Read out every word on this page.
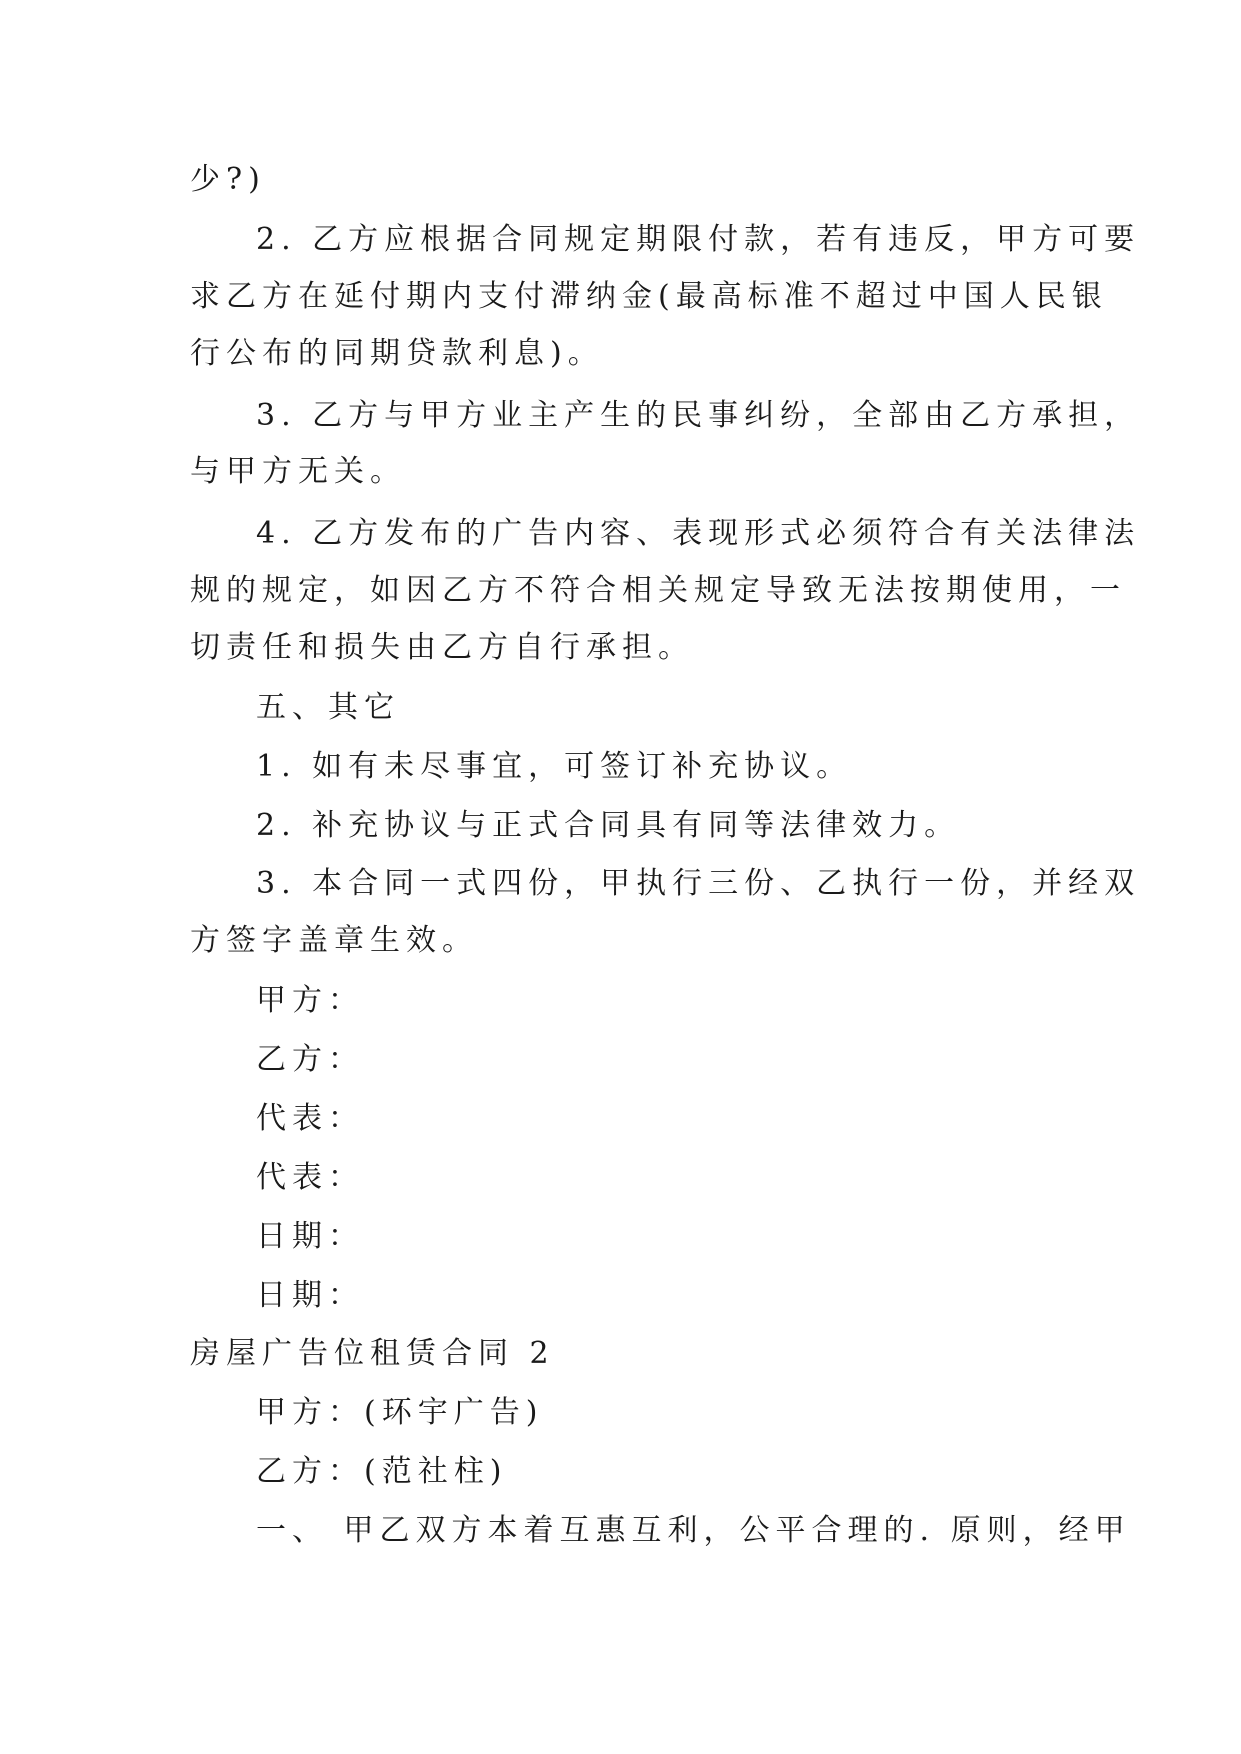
少?)
2. 乙方应根据合同规定期限付款，若有违反，甲方可要
求乙方在延付期内支付滞纳金(最高标准不超过中国人民银
行公布的同期贷款利息)。
3. 乙方与甲方业主产生的民事纠纷，全部由乙方承担，
与甲方无关。
4. 乙方发布的广告内容、表现形式必须符合有关法律法
规的规定，如因乙方不符合相关规定导致无法按期使用，一
切责任和损失由乙方自行承担。
五、其它
1. 如有未尽事宜，可签订补充协议。
2. 补充协议与正式合同具有同等法律效力。
3. 本合同一式四份，甲执行三份、乙执行一份，并经双
方签字盖章生效。
甲方：
乙方：
代表：
代表：
日期：
日期：
房屋广告位租赁合同 2
甲方：(环宇广告)
乙方：(范社柱)
一、 甲乙双方本着互惠互利，公平合理的. 原则，经甲
